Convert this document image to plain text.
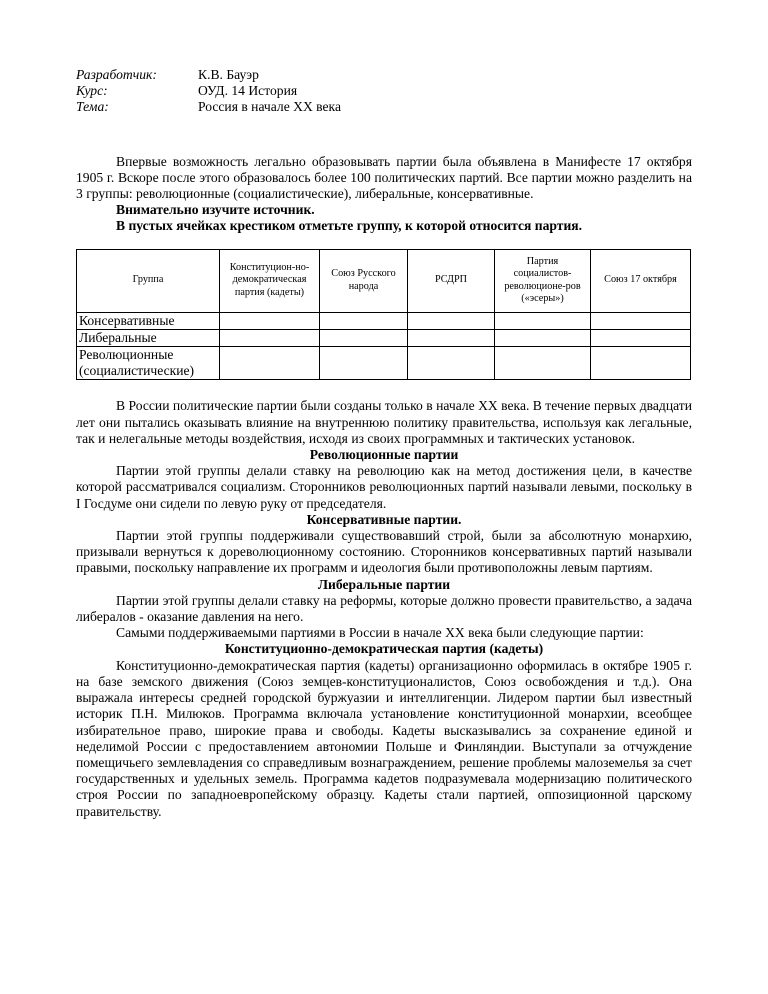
Разработчик:	К.В. Бауэр
Курс:	ОУД. 14 История
Тема:	Россия в начале ХХ века

Впервые возможность легально образовывать партии была объявлена в Манифесте 17 октября 1905 г. Вскоре после этого образовалось более 100 политических партий. Все партии можно разделить на 3 группы: революционные (социалистические), либеральные, консервативные.

Внимательно изучите источник.

В пустых ячейках крестиком отметьте группу, к которой относится партия.

Группа	Конституцион-но-демократическая партия (кадеты)	Союз Русского народа	РСДРП	Партия социалистов-революционе-ров («эсеры»)	Союз 17 октября
Консервативные					
Либеральные					
Революционные (социалистические)					

В России политические партии были созданы только в начале ХХ века. В течение первых двадцати лет они пытались оказывать влияние на внутреннюю политику правительства, используя как легальные, так и нелегальные методы воздействия, исходя из своих программных и тактических установок.

Революционные партии

Партии этой группы делали ставку на революцию как на метод достижения цели, в качестве которой рассматривался социализм. Сторонников революционных партий называли левыми, поскольку в I Госдуме они сидели по левую руку от председателя.

Консервативные партии.

Партии этой группы поддерживали существовавший строй, были за абсолютную монархию, призывали вернуться к дореволюционному состоянию. Сторонников консервативных партий называли правыми, поскольку направление их программ и идеология были противоположны левым партиям.

Либеральные партии

Партии этой группы делали ставку на реформы, которые должно провести правительство, а задача либералов - оказание давления на него.

Самыми поддерживаемыми партиями в России в начале ХХ века были следующие партии:

Конституционно-демократическая партия (кадеты)

Конституционно-демократическая партия (кадеты) организационно оформилась в октябре 1905 г. на базе земского движения (Союз земцев-конституционалистов, Союз освобождения и т.д.). Она выражала интересы средней городской буржуазии и интеллигенции. Лидером партии был известный историк П.Н. Милюков. Программа включала установление конституционной монархии, всеобщее избирательное право, широкие права и свободы. Кадеты высказывались за сохранение единой и неделимой России с предоставлением автономии Польше и Финляндии. Выступали за отчуждение помещичьего землевладения со справедливым вознаграждением, решение проблемы малоземелья за счет государственных и удельных земель. Программа кадетов подразумевала модернизацию политического строя России по западноевропейскому образцу. Кадеты стали партией, оппозиционной царскому правительству.
